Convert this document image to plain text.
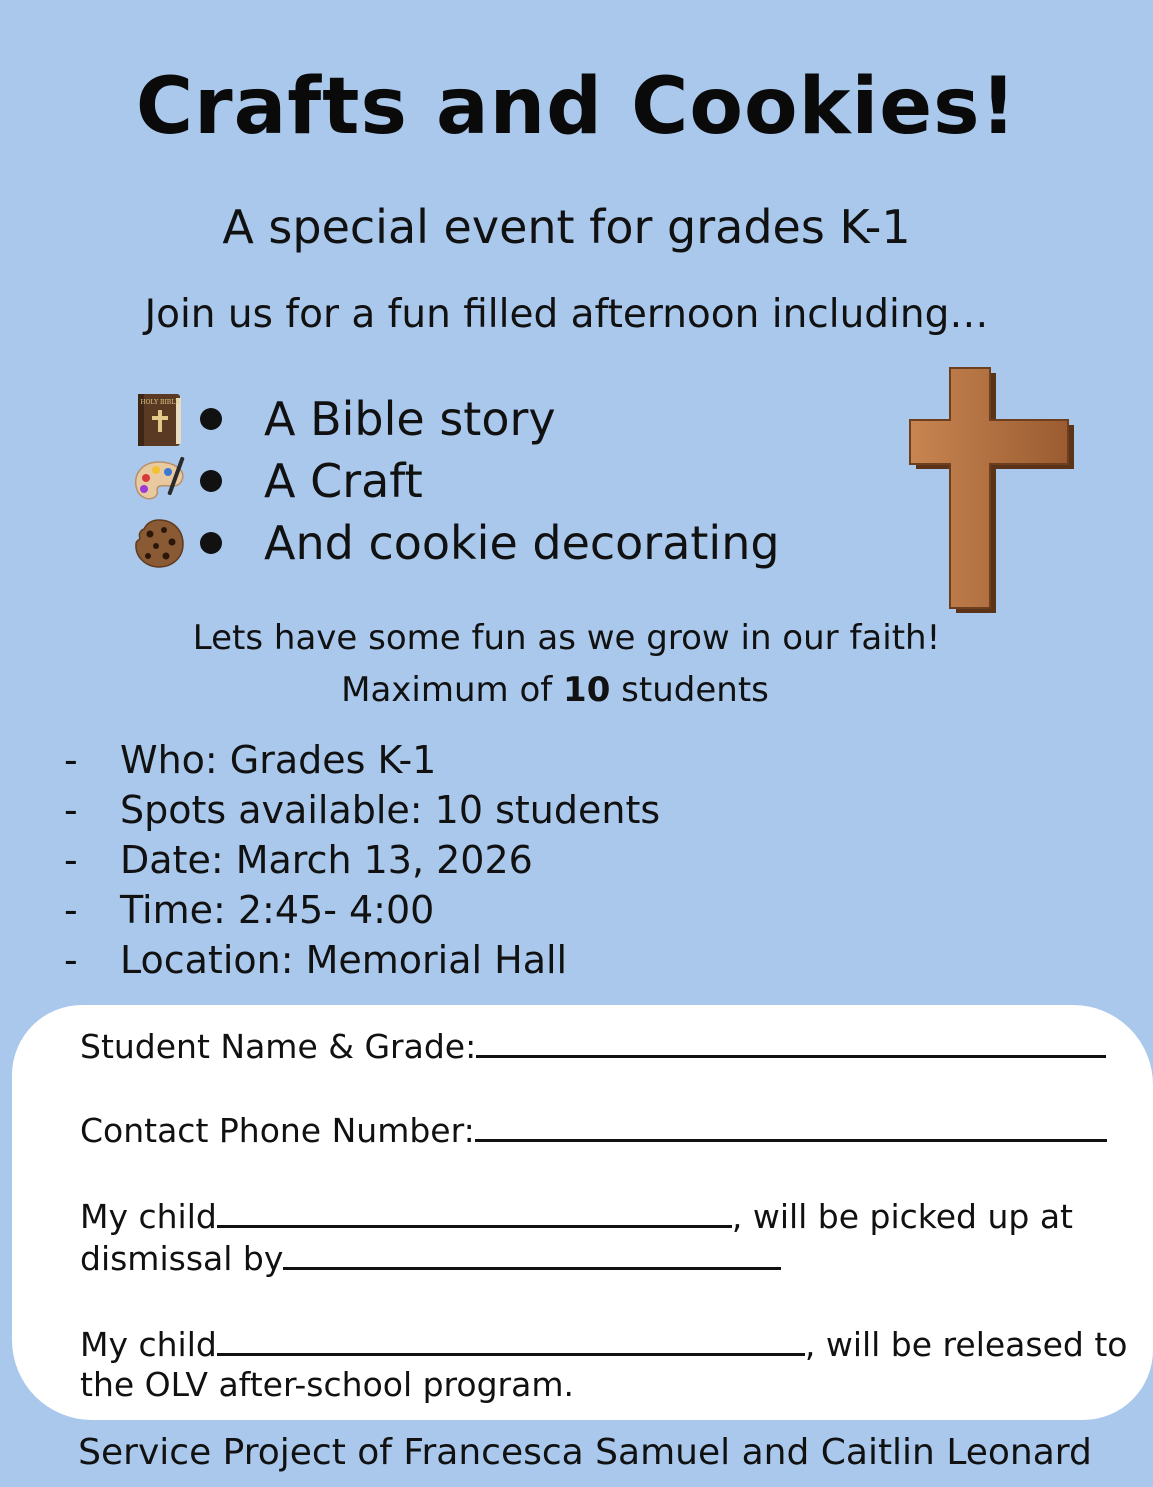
Crafts and Cookies!
A special event for grades K-1
Join us for a fun filled afternoon including…
HOLY BIBLE A Bible story
A Craft
And cookie decorating
Lets have some fun as we grow in our faith!
Maximum of 10 students
-	Who: Grades K-1
-	Spots available: 10 students
-	Date: March 13, 2026
-	Time: 2:45- 4:00
-	Location: Memorial Hall
Student Name & Grade:
Contact Phone Number:
My child	, will be picked up at
dismissal by
My child	, will be released to
the OLV after-school program.
Service Project of Francesca Samuel and Caitlin Leonard
